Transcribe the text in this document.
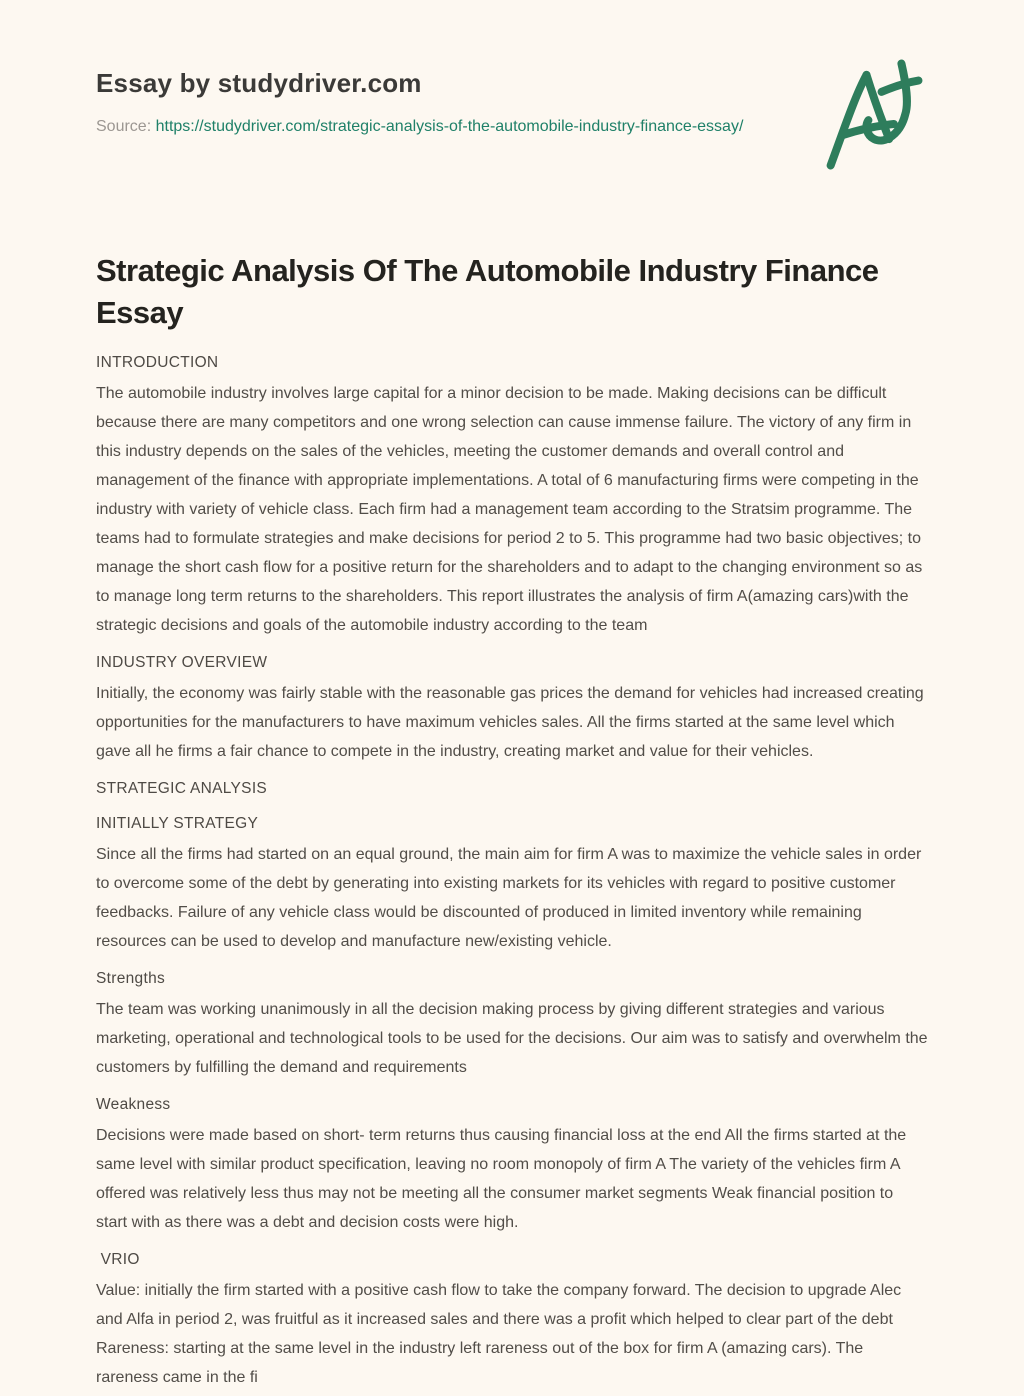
Essay by studydriver.com

Source: https://studydriver.com/strategic-analysis-of-the-automobile-industry-finance-essay/

Strategic Analysis Of The Automobile Industry Finance Essay
INTRODUCTION

The automobile industry involves large capital for a minor decision to be made. Making decisions can be difficult because there are many competitors and one wrong selection can cause immense failure. The victory of any firm in this industry depends on the sales of the vehicles, meeting the customer demands and overall control and management of the finance with appropriate implementations. A total of 6 manufacturing firms were competing in the industry with variety of vehicle class. Each firm had a management team according to the Stratsim programme. The teams had to formulate strategies and make decisions for period 2 to 5. This programme had two basic objectives; to manage the short cash flow for a positive return for the shareholders and to adapt to the changing environment so as to manage long term returns to the shareholders. This report illustrates the analysis of firm A(amazing cars)with the strategic decisions and goals of the automobile industry according to the team

INDUSTRY OVERVIEW

Initially, the economy was fairly stable with the reasonable gas prices the demand for vehicles had increased creating opportunities for the manufacturers to have maximum vehicles sales. All the firms started at the same level which gave all he firms a fair chance to compete in the industry, creating market and value for their vehicles.

STRATEGIC ANALYSIS
INITIALLY STRATEGY

Since all the firms had started on an equal ground, the main aim for firm A was to maximize the vehicle sales in order to overcome some of the debt by generating into existing markets for its vehicles with regard to positive customer feedbacks. Failure of any vehicle class would be discounted of produced in limited inventory while remaining resources can be used to develop and manufacture new/existing vehicle.

Strengths

The team was working unanimously in all the decision making process by giving different strategies and various marketing, operational and technological tools to be used for the decisions. Our aim was to satisfy and overwhelm the customers by fulfilling the demand and requirements

Weakness

Decisions were made based on short- term returns thus causing financial loss at the end All the firms started at the same level with similar product specification, leaving no room monopoly of firm A The variety of the vehicles firm A offered was relatively less thus may not be meeting all the consumer market segments Weak financial position to start with as there was a debt and decision costs were high.

VRIO

Value: initially the firm started with a positive cash flow to take the company forward. The decision to upgrade Alec and Alfa in period 2, was fruitful as it increased sales and there was a profit which helped to clear part of the debt Rareness: starting at the same level in the industry left rareness out of the box for firm A (amazing cars). The rareness came in the fi
